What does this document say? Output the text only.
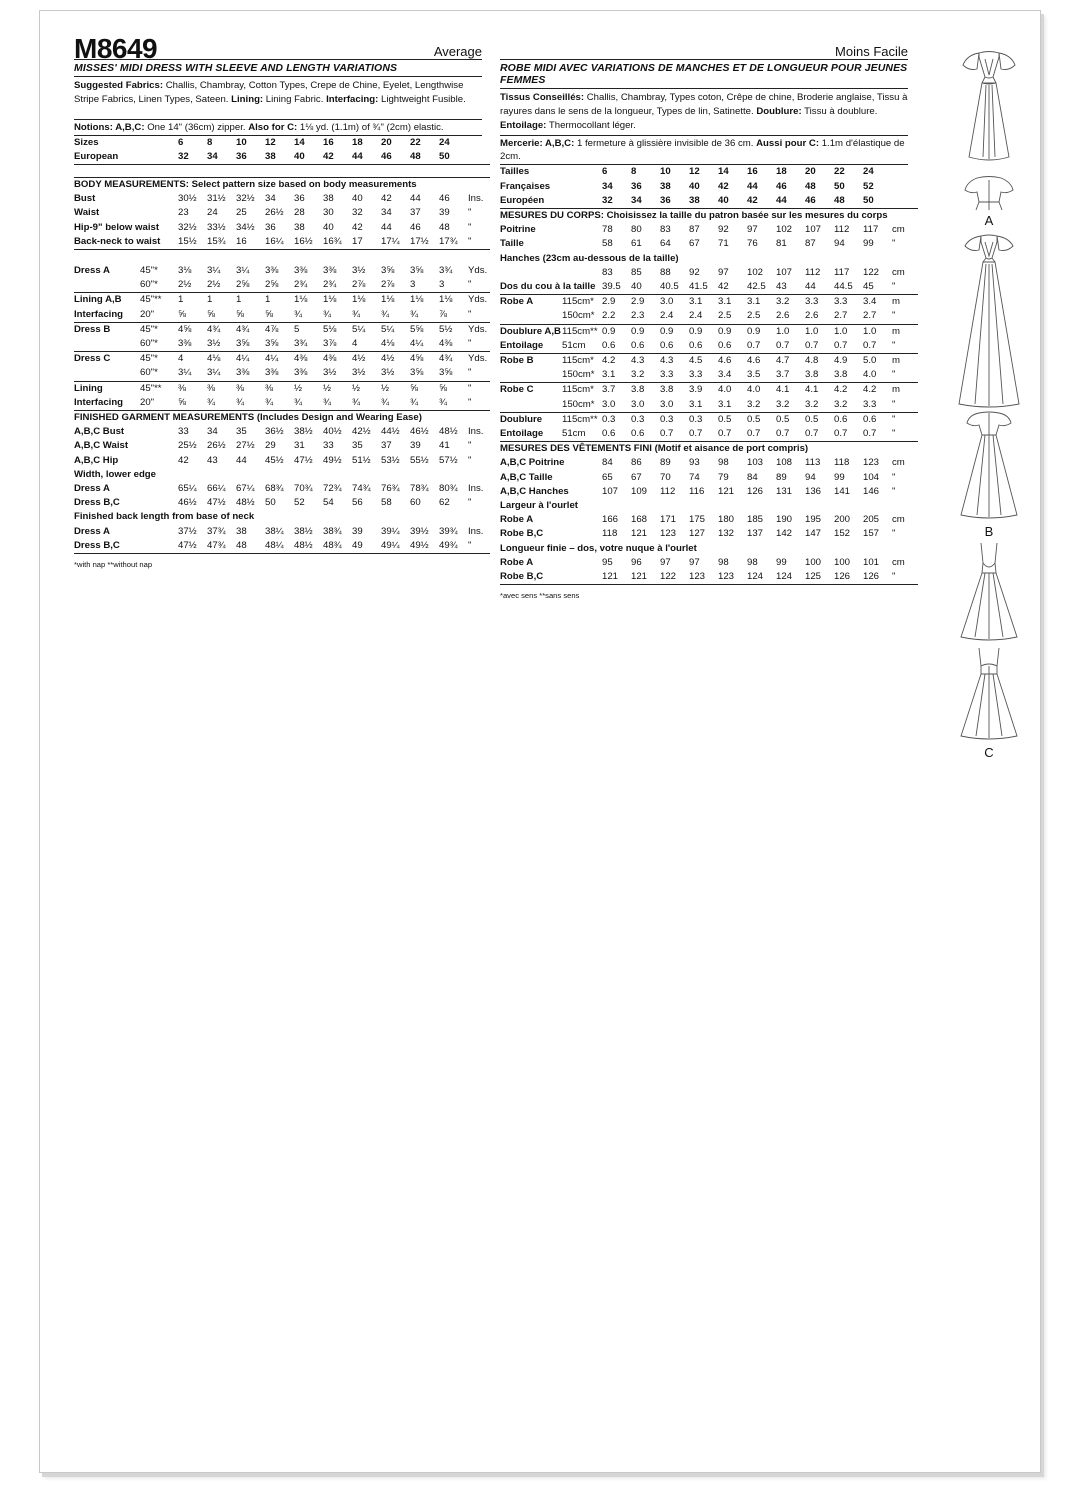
M8649	Average
MISSES' MIDI DRESS WITH SLEEVE AND LENGTH VARIATIONS
Suggested Fabrics: Challis, Chambray, Cotton Types, Crepe de Chine, Eyelet, Lengthwise Stripe Fabrics, Linen Types, Sateen. Lining: Lining Fabric. Interfacing: Lightweight Fusible.
Notions: A,B,C: One 14" (36cm) zipper. Also for C: 1⅛ yd. (1.1m) of ¾" (2cm) elastic.
Sizes		6	8	10	12	14	16	18	20	22	24	
European		32	34	36	38	40	42	44	46	48	50	

BODY MEASUREMENTS: Select pattern size based on body measurements												
Bust		30½	31½	32½	34	36	38	40	42	44	46	Ins.
Waist		23	24	25	26½	28	30	32	34	37	39	"
Hip-9" below waist		32½	33½	34½	36	38	40	42	44	46	48	"
Back-neck to waist		15½	15¾	16	16¼	16½	16¾	17	17¼	17½	17¾	"

Dress A	45"*	3⅛	3¼	3¼	3⅜	3⅜	3⅜	3½	3⅝	3⅝	3¾	Yds.
	60"*	2½	2½	2⅝	2⅝	2¾	2¾	2⅞	2⅞	3	3	"
Lining A,B	45"**	1	1	1	1	1⅛	1⅛	1⅛	1⅛	1⅛	1⅛	Yds.
Interfacing	20"	⅝	⅝	⅝	⅝	¾	¾	¾	¾	¾	⅞	"
Dress B	45"*	4⅝	4¾	4¾	4⅞	5	5⅛	5¼	5¼	5⅝	5½	Yds.
	60"*	3⅜	3½	3⅝	3⅝	3¾	3⅞	4	4⅛	4¼	4⅜	"
Dress C	45"*	4	4⅛	4¼	4¼	4⅜	4⅜	4½	4½	4⅝	4¾	Yds.
	60"*	3¼	3¼	3⅜	3⅜	3⅜	3½	3½	3½	3⅝	3⅝	"
Lining	45"**	⅜	⅜	⅜	⅜	½	½	½	½	⅝	⅝	"
Interfacing	20"	⅝	¾	¾	¾	¾	¾	¾	¾	¾	¾	"
FINISHED GARMENT MEASUREMENTS (Includes Design and Wearing Ease)												
A,B,C Bust		33	34	35	36½	38½	40½	42½	44½	46½	48½	Ins.
A,B,C Waist		25½	26½	27½	29	31	33	35	37	39	41	"
A,B,C Hip		42	43	44	45½	47½	49½	51½	53½	55½	57½	"
Width, lower edge												
Dress A		65¼	66¼	67¼	68¾	70¾	72¾	74¾	76¾	78¾	80¾	Ins.
Dress B,C		46½	47½	48½	50	52	54	56	58	60	62	"
Finished back length from base of neck												
Dress A		37½	37¾	38	38¼	38½	38¾	39	39¼	39½	39¾	Ins.
Dress B,C		47½	47¾	48	48¼	48½	48¾	49	49¼	49½	49¾	"
*with nap **without nap
Moins Facile
ROBE MIDI AVEC VARIATIONS DE MANCHES ET DE LONGUEUR POUR JEUNES FEMMES
Tissus Conseillés: Challis, Chambray, Types coton, Crêpe de chine, Broderie anglaise, Tissu à rayures dans le sens de la longueur, Types de lin, Satinette. Doublure: Tissu à doublure. Entoilage: Thermocollant léger.
Mercerie: A,B,C: 1 fermeture à glissière invisible de 36 cm. Aussi pour C: 1.1m d'élastique de 2cm.
Tailles		6	8	10	12	14	16	18	20	22	24	
Françaises		34	36	38	40	42	44	46	48	50	52	
Européen		32	34	36	38	40	42	44	46	48	50	
MESURES DU CORPS: Choisissez la taille du patron basée sur les mesures du corps												
Poitrine		78	80	83	87	92	97	102	107	112	117	cm
Taille		58	61	64	67	71	76	81	87	94	99	"
Hanches (23cm au-dessous de la taille)												
		83	85	88	92	97	102	107	112	117	122	cm
Dos du cou à la taille		39.5	40	40.5	41.5	42	42.5	43	44	44.5	45	"
Robe A	115cm*	2.9	2.9	3.0	3.1	3.1	3.1	3.2	3.3	3.3	3.4	m
	150cm*	2.2	2.3	2.4	2.4	2.5	2.5	2.6	2.6	2.7	2.7	"
Doublure A,B	115cm**	0.9	0.9	0.9	0.9	0.9	0.9	1.0	1.0	1.0	1.0	m
Entoilage	51cm	0.6	0.6	0.6	0.6	0.6	0.7	0.7	0.7	0.7	0.7	"
Robe B	115cm*	4.2	4.3	4.3	4.5	4.6	4.6	4.7	4.8	4.9	5.0	m
	150cm*	3.1	3.2	3.3	3.3	3.4	3.5	3.7	3.8	3.8	4.0	"
Robe C	115cm*	3.7	3.8	3.8	3.9	4.0	4.0	4.1	4.1	4.2	4.2	m
	150cm*	3.0	3.0	3.0	3.1	3.1	3.2	3.2	3.2	3.2	3.3	"
Doublure	115cm**	0.3	0.3	0.3	0.3	0.5	0.5	0.5	0.5	0.6	0.6	"
Entoilage	51cm	0.6	0.6	0.7	0.7	0.7	0.7	0.7	0.7	0.7	0.7	"
MESURES DES VÊTEMENTS FINI (Motif et aisance de port compris)												
A,B,C Poitrine		84	86	89	93	98	103	108	113	118	123	cm
A,B,C Taille		65	67	70	74	79	84	89	94	99	104	"
A,B,C Hanches		107	109	112	116	121	126	131	136	141	146	"
Largeur à l'ourlet												
Robe A		166	168	171	175	180	185	190	195	200	205	cm
Robe B,C		118	121	123	127	132	137	142	147	152	157	"
Longueur finie – dos, votre nuque à l'ourlet												
Robe A		95	96	97	97	98	98	99	100	100	101	cm
Robe B,C		121	121	122	123	123	124	124	125	126	126	"
*avec sens **sans sens
A
B
C
